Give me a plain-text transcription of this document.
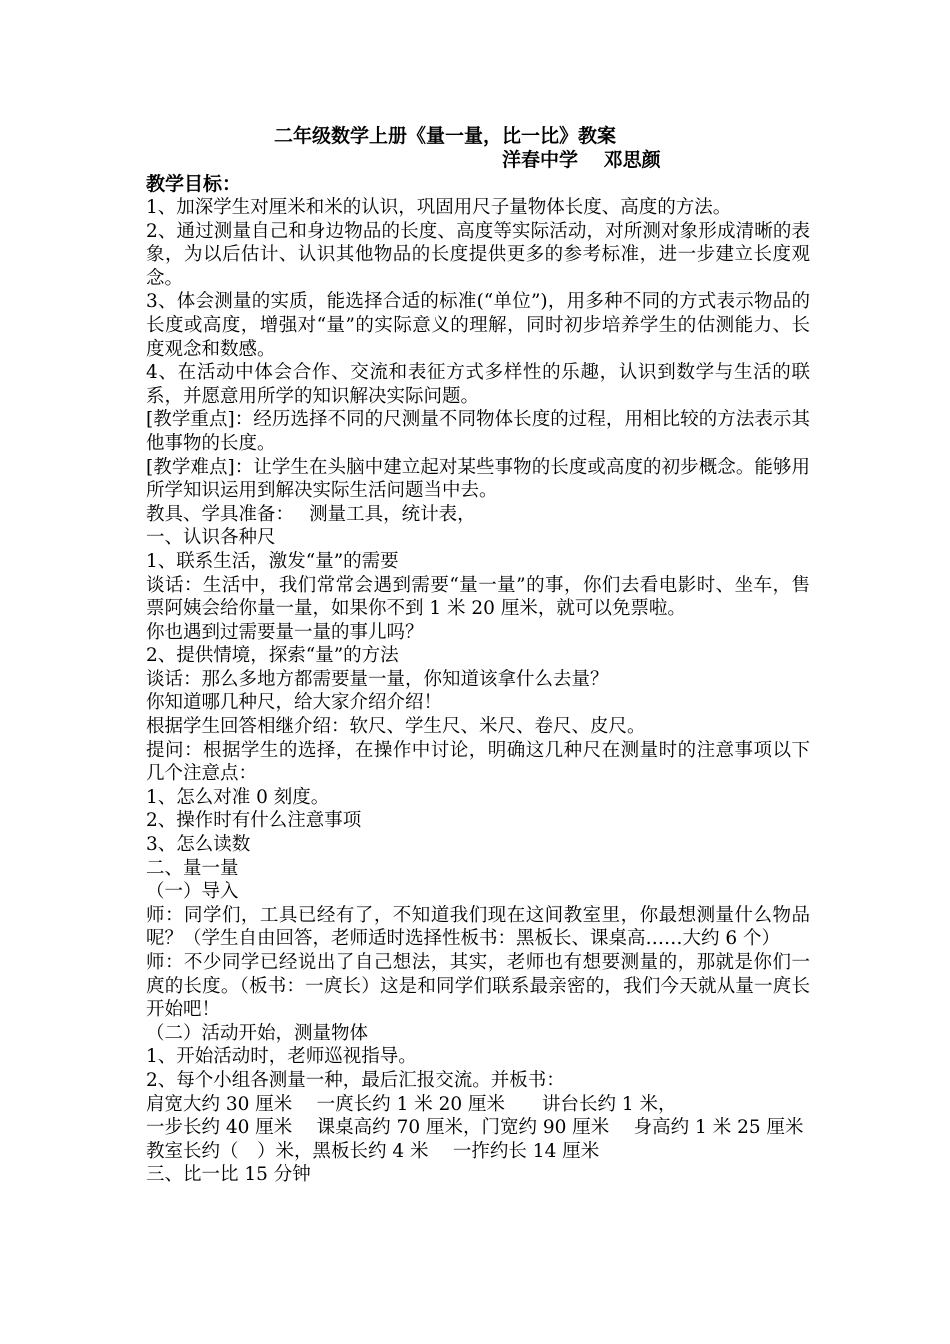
二年级数学上册《量一量，比一比》教案
洋春中学　 邓思颜
教学目标：

1、加深学生对厘米和米的认识，巩固用尺子量物体长度、高度的方法。

2、通过测量自己和身边物品的长度、高度等实际活动，对所测对象形成清晰的表象，为以后估计、认识其他物品的长度提供更多的参考标准，进一步建立长度观念。

3、体会测量的实质，能选择合适的标准(“单位”)，用多种不同的方式表示物品的长度或高度，增强对“量”的实际意义的理解，同时初步培养学生的估测能力、长度观念和数感。

4、在活动中体会合作、交流和表征方式多样性的乐趣，认识到数学与生活的联系，并愿意用所学的知识解决实际问题。

[教学重点]：经历选择不同的尺测量不同物体长度的过程，用相比较的方法表示其他事物的长度。

[教学难点]：让学生在头脑中建立起对某些事物的长度或高度的初步概念。能够用所学知识运用到解决实际生活问题当中去。

教具、学具准备：　 测量工具，统计表，

一、认识各种尺

1、联系生活，激发“量”的需要

谈话：生活中，我们常常会遇到需要“量一量”的事，你们去看电影时、坐车，售票阿姨会给你量一量，如果你不到 1 米 20 厘米，就可以免票啦。

你也遇到过需要量一量的事儿吗？

2、提供情境，探索“量”的方法

谈话：那么多地方都需要量一量，你知道该拿什么去量？

你知道哪几种尺，给大家介绍介绍！

根据学生回答相继介绍：软尺、学生尺、米尺、卷尺、皮尺。

提问：根据学生的选择，在操作中讨论，明确这几种尺在测量时的注意事项以下几个注意点：

1、怎么对准 0 刻度。

2、操作时有什么注意事项

3、怎么读数

二、量一量

（一）导入

师：同学们，工具已经有了，不知道我们现在这间教室里，你最想测量什么物品呢？（学生自由回答，老师适时选择性板书：黑板长、课桌高……大约 6 个）

师：不少同学已经说出了自己想法，其实，老师也有想要测量的，那就是你们一庹的长度。（板书：一庹长）这是和同学们联系最亲密的，我们今天就从量一庹长开始吧！

（二）活动开始，测量物体

1、开始活动时，老师巡视指导。

2、每个小组各测量一种，最后汇报交流。并板书：

肩宽大约 30 厘米　 一庹长约 1 米 20 厘米　　讲台长约 1 米，

一步长约 40 厘米　 课桌高约 70 厘米，门宽约 90 厘米　 身高约 1 米 25 厘米

教室长约（　）米，黑板长约 4 米　 一拃约长 14 厘米

三、比一比 15 分钟
